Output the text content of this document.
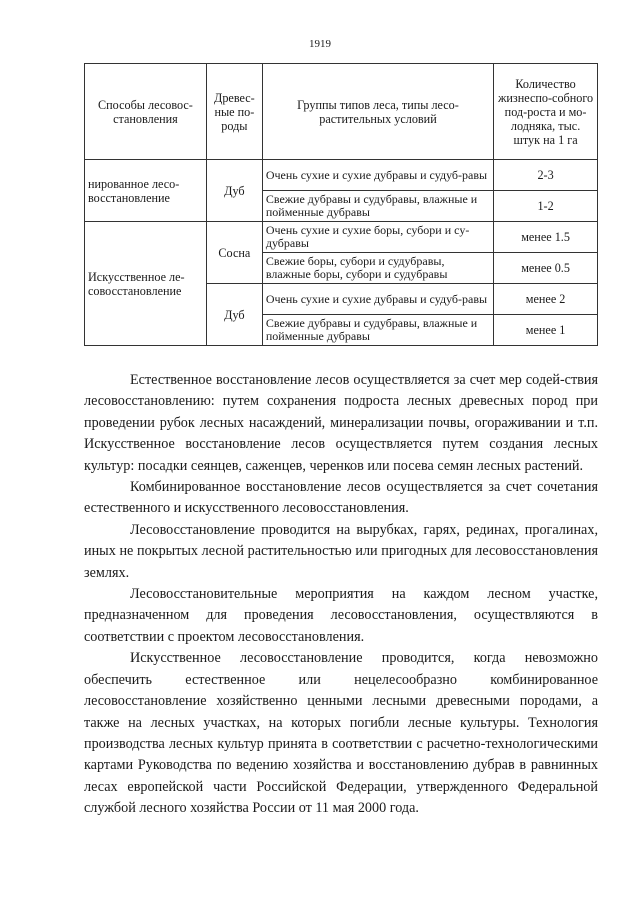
1919
Способы лесовос-становления	Древес-ные по-роды	Группы типов леса, типы лесо-растительных условий	Количество жизнеспо-собного под-роста и мо-лодняка, тыс. штук на 1 га
нированное лесо-восстановление	Дуб	Очень сухие и сухие дубравы и судуб-равы	2-3
		Свежие дубравы и судубравы, влажные и пойменные дубравы	1-2
Искусственное ле-совосстановление	Сосна	Очень сухие и сухие боры, субори и су-дубравы	менее 1.5
		Свежие боры, субори и судубравы, влажные боры, субори и судубравы	менее 0.5
	Дуб	Очень сухие и сухие дубравы и судуб-равы	менее 2
		Свежие дубравы и судубравы, влажные и пойменные дубравы	менее 1

Естественное восстановление лесов осуществляется за счет мер содей-ствия лесовосстановлению: путем сохранения подроста лесных древесных пород при проведении рубок лесных насаждений, минерализации почвы, огораживании и т.п. Искусственное восстановление лесов осуществляется путем создания лесных культур: посадки сеянцев, саженцев, черенков или посева семян лесных растений.

Комбинированное восстановление лесов осуществляется за счет сочетания естественного и искусственного лесовосстановления.

Лесовосстановление проводится на вырубках, гарях, рединах, прогалинах, иных не покрытых лесной растительностью или пригодных для лесовосстановления землях.

Лесовосстановительные мероприятия на каждом лесном участке, предназначенном для проведения лесовосстановления, осуществляются в соответствии с проектом лесовосстановления.

Искусственное лесовосстановление проводится, когда невозможно обеспечить естественное или нецелесообразно комбинированное лесовосстановление хозяйственно ценными лесными древесными породами, а также на лесных участках, на которых погибли лесные культуры. Технология производства лесных культур принята в соответствии с расчетно-технологическими картами Руководства по ведению хозяйства и восстановлению дубрав в равнинных лесах европейской части Российской Федерации, утвержденного Федеральной службой лесного хозяйства России от 11 мая 2000 года.
